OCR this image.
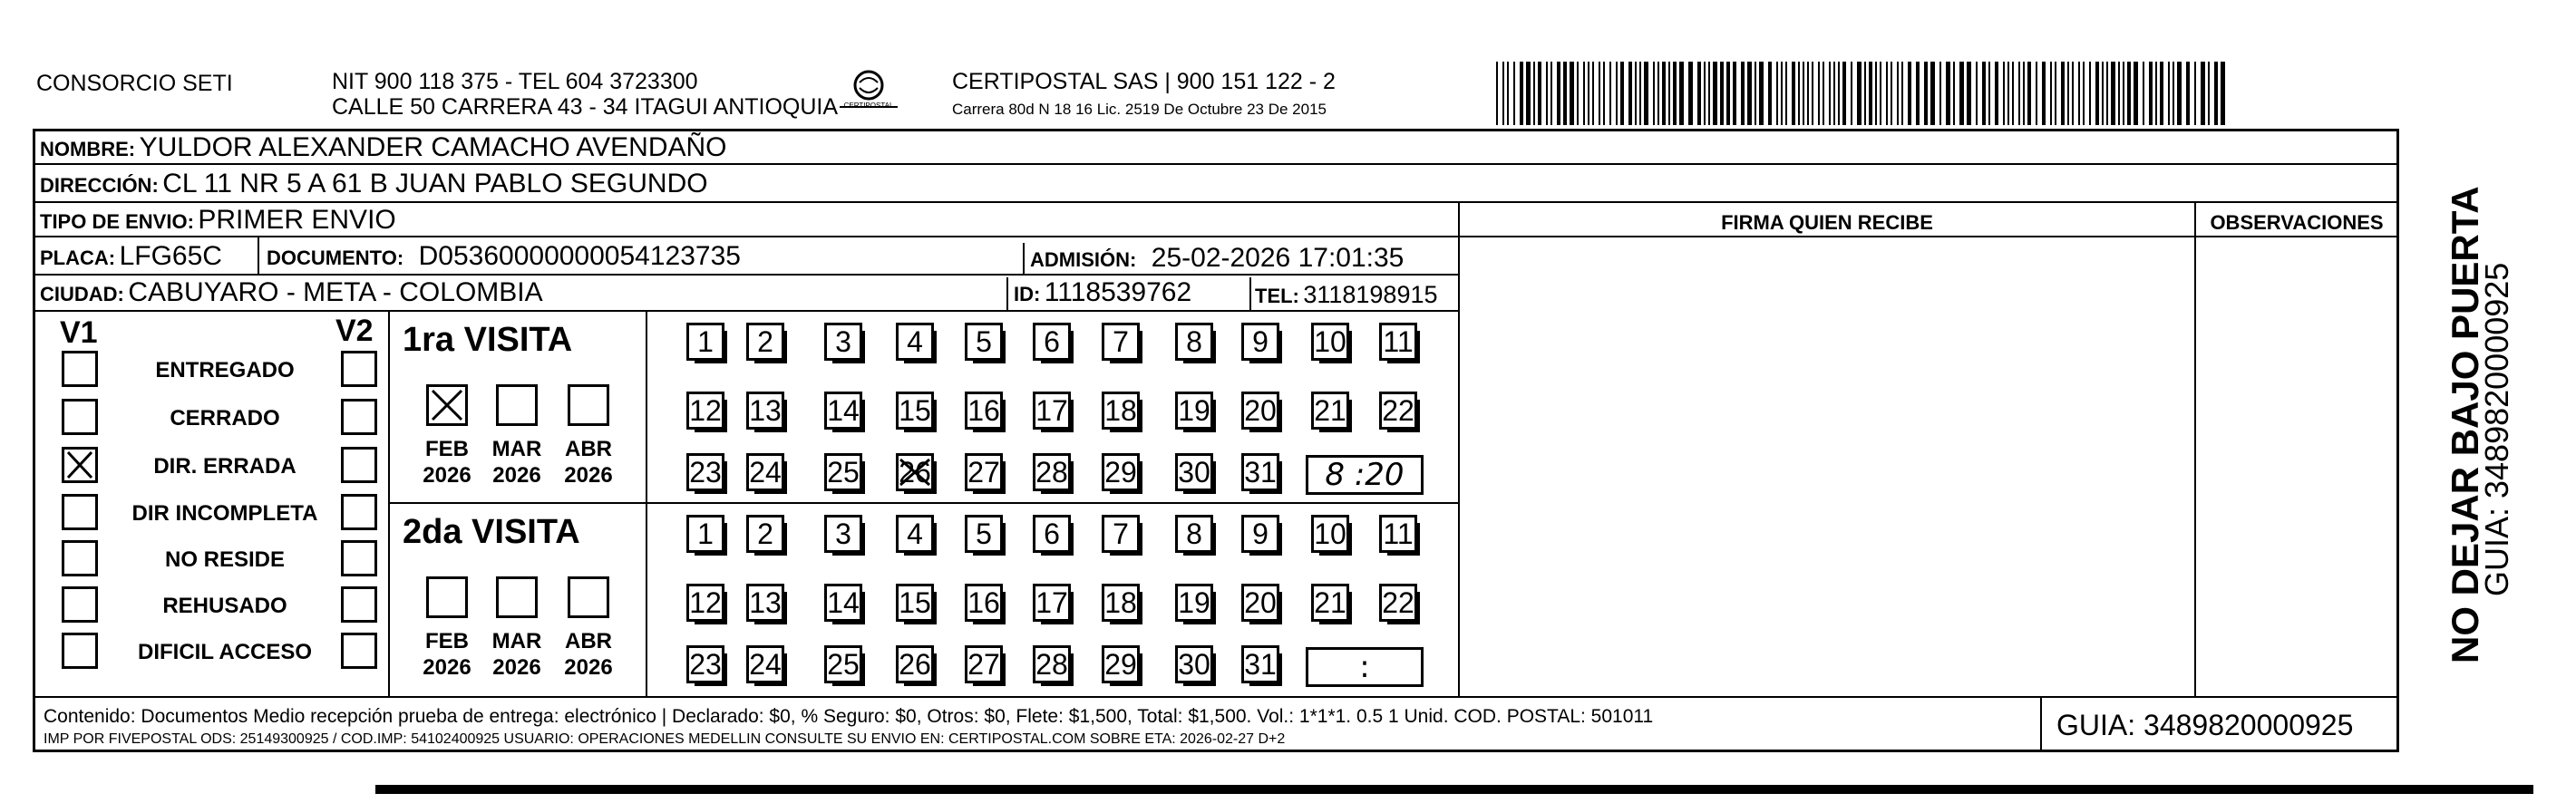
CONSORCIO SETI	NIT 900 118 375 - TEL 604 3723300
CALLE 50 CARRERA 43 - 34 ITAGUI ANTIOQUIA CERTIPOSTAL
CERTIPOSTAL SAS | 900 151 122 - 2
Carrera 80d N 18 16 Lic. 2519 De Octubre 23 De 2015
NOMBRE: YULDOR ALEXANDER CAMACHO AVENDAÑO
DIRECCIÓN: CL 11 NR 5 A 61 B JUAN PABLO SEGUNDO
TIPO DE ENVIO: PRIMER ENVIO	FIRMA QUIEN RECIBE	OBSERVACIONES
PLACA: LFG65C DOCUMENTO: D05360000000054123735	ADMISIÓN: 25-02-2026 17:01:35
CIUDAD: CABUYARO - META - COLOMBIA	ID: 1118539762	TEL: 3118198915
V1	V2
ENTREGADO
CERRADO
DIR. ERRADA
DIR INCOMPLETA
NO RESIDE
REHUSADO
DIFICIL ACCESO
1ra VISITA
FEB
2026
MAR
2026
ABR
2026
1 2 3 4 5 6 7 8 9 10 11
12 13 14 15 16 17 18 19 20 21 22
23 24 25 26 27 28 29 30 31 8 :20
2da VISITA
FEB
2026
MAR
2026
ABR
2026
1 2 3 4 5 6 7 8 9 10 11
12 13 14 15 16 17 18 19 20 21 22
23 24 25 26 27 28 29 30 31	:
Contenido: Documentos Medio recepción prueba de entrega: electrónico | Declarado: $0, % Seguro: $0, Otros: $0, Flete: $1,500, Total: $1,500. Vol.: 1*1*1. 0.5 1 Unid. COD. POSTAL: 501011
IMP POR FIVEPOSTAL ODS: 25149300925 / COD.IMP: 54102400925 USUARIO: OPERACIONES MEDELLIN CONSULTE SU ENVIO EN: CERTIPOSTAL.COM SOBRE ETA: 2026-02-27 D+2	GUIA: 3489820000925
NO DEJAR BAJO PUERTA
GUIA: 3489820000925
